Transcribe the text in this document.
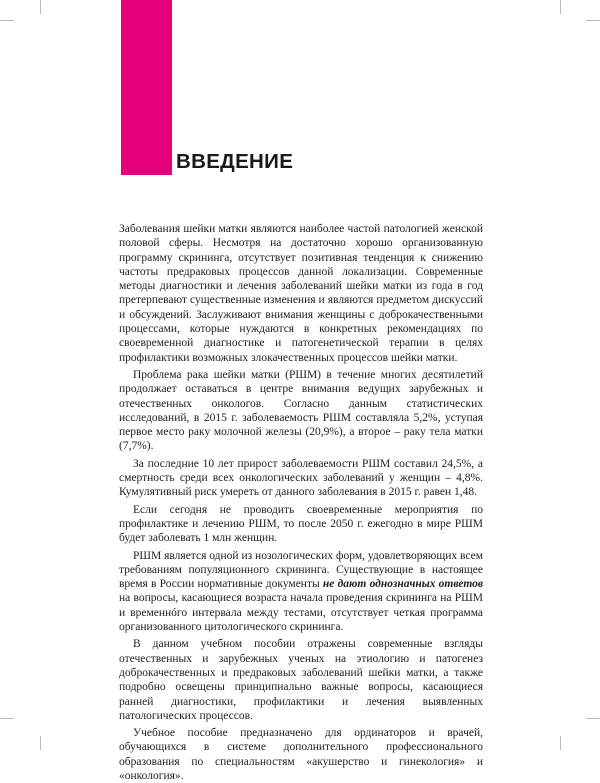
ВВЕДЕНИЕ

Заболевания шейки матки являются наиболее частой патологией женской половой сферы. Несмотря на достаточно хорошо организованную программу скрининга, отсутствует позитивная тенденция к снижению частоты предраковых процессов данной локализации. Современные методы диагностики и лечения заболеваний шейки матки из года в год претерпевают существенные изменения и являются предметом дискуссий и обсуждений. Заслуживают внимания женщины с доброкачественными процессами, которые нуждаются в конкретных рекомендациях по своевременной диагностике и патогенетической терапии в целях профилактики возможных злокачественных процессов шейки матки.

Проблема рака шейки матки (РШМ) в течение многих десятилетий продолжает оставаться в центре внимания ведущих зарубежных и отечественных онкологов. Согласно данным статистических исследований, в 2015 г. заболеваемость РШМ составляла 5,2%, уступая первое место раку молочной железы (20,9%), а второе – раку тела матки (7,7%).

За последние 10 лет прирост заболеваемости РШМ составил 24,5%, а смертность среди всех онкологических заболеваний у женщин – 4,8%. Кумулятивный риск умереть от данного заболевания в 2015 г. равен 1,48.

Если сегодня не проводить своевременные мероприятия по профилактике и лечению РШМ, то после 2050 г. ежегодно в мире РШМ будет заболевать 1 млн женщин.

РШМ является одной из нозологических форм, удовлетворяющих всем требованиям популяционного скрининга. Существующие в настоящее время в России нормативные документы не дают однозначных ответов на вопросы, касающиеся возраста начала проведения скрининга на РШМ и временнóго интервала между тестами, отсутствует четкая программа организованного цитологического скрининга.

В данном учебном пособии отражены современные взгляды отечественных и зарубежных ученых на этиологию и патогенез доброкачественных и предраковых заболеваний шейки матки, а также подробно освещены принципиально важные вопросы, касающиеся ранней диагностики, профилактики и лечения выявленных патологических процессов.

Учебное пособие предназначено для ординаторов и врачей, обучающихся в системе дополнительного профессионального образования по специальностям «акушерство и гинекология» и «онкология».
